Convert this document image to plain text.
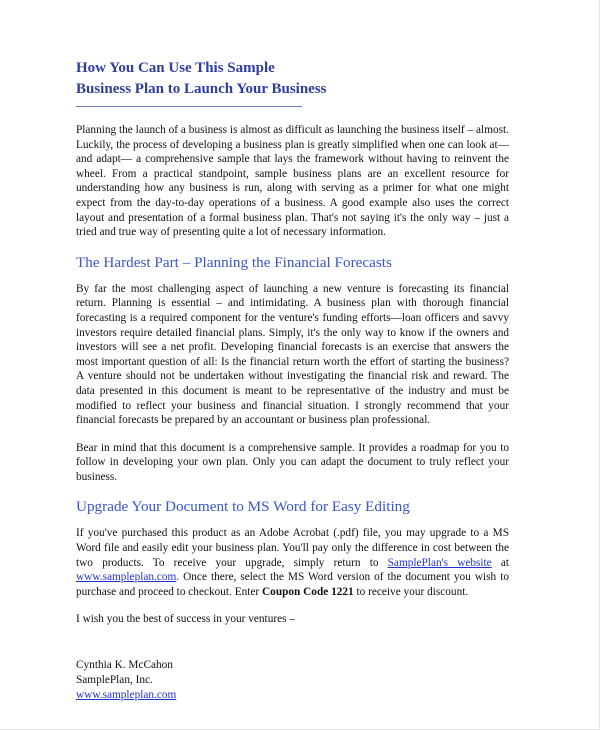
How You Can Use This Sample
Business Plan to Launch Your Business

Planning the launch of a business is almost as difficult as launching the business itself – almost. Luckily, the process of developing a business plan is greatly simplified when one can look at—and adapt— a comprehensive sample that lays the framework without having to reinvent the wheel. From a practical standpoint, sample business plans are an excellent resource for understanding how any business is run, along with serving as a primer for what one might expect from the day-to-day operations of a business. A good example also uses the correct layout and presentation of a formal business plan. That's not saying it's the only way – just a tried and true way of presenting quite a lot of necessary information.

The Hardest Part – Planning the Financial Forecasts

By far the most challenging aspect of launching a new venture is forecasting its financial return. Planning is essential – and intimidating. A business plan with thorough financial forecasting is a required component for the venture's funding efforts—loan officers and savvy investors require detailed financial plans. Simply, it's the only way to know if the owners and investors will see a net profit. Developing financial forecasts is an exercise that answers the most important question of all: Is the financial return worth the effort of starting the business? A venture should not be undertaken without investigating the financial risk and reward. The data presented in this document is meant to be representative of the industry and must be modified to reflect your business and financial situation. I strongly recommend that your financial forecasts be prepared by an accountant or business plan professional.

Bear in mind that this document is a comprehensive sample. It provides a roadmap for you to follow in developing your own plan. Only you can adapt the document to truly reflect your business.

Upgrade Your Document to MS Word for Easy Editing

If you've purchased this product as an Adobe Acrobat (.pdf) file, you may upgrade to a MS Word file and easily edit your business plan. You'll pay only the difference in cost between the two products. To receive your upgrade, simply return to SamplePlan's website at www.sampleplan.com. Once there, select the MS Word version of the document you wish to purchase and proceed to checkout. Enter Coupon Code 1221 to receive your discount.

I wish you the best of success in your ventures –

Cynthia K. McCahon

SamplePlan, Inc.

www.sampleplan.com
